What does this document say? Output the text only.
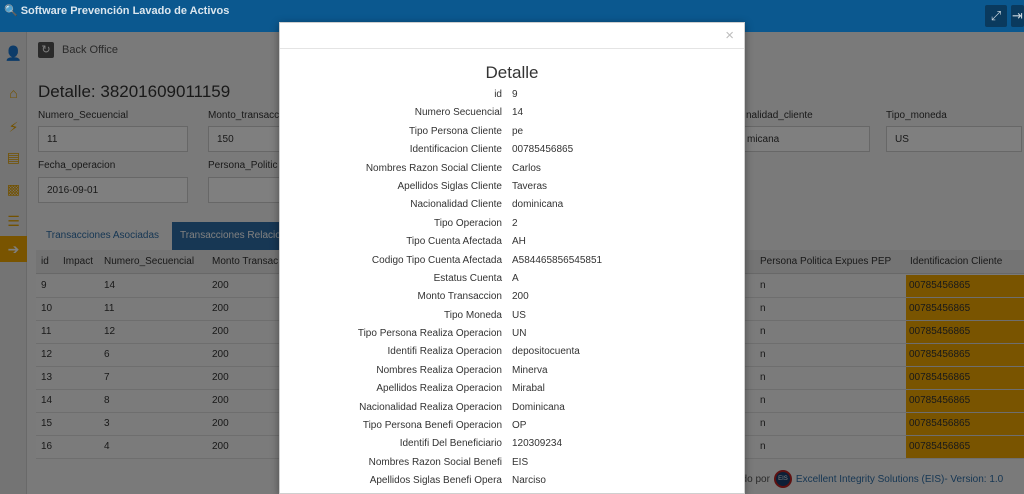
🔍 Software Prevención Lavado de Activos	⤢ ⇥
×
Detalle
id 9
Numero Secuencial 14
Tipo Persona Cliente pe
Identificacion Cliente 00785456865
Nombres Razon Social Cliente Carlos
Apellidos Siglas Cliente Taveras
Nacionalidad Cliente dominicana
Tipo Operacion 2
Tipo Cuenta Afectada AH
Codigo Tipo Cuenta Afectada A584465856545851
Estatus Cuenta A
Monto Transaccion 200
Tipo Moneda US
Tipo Persona Realiza Operacion UN
Identifi Realiza Operacion depositocuenta
Nombres Realiza Operacion Minerva
Apellidos Realiza Operacion Mirabal
Nacionalidad Realiza Operacion Dominicana
Tipo Persona Benefi Operacion OP
Identifi Del Beneficiario 120309234
Nombres Razon Social Benefi EIS
Apellidos Siglas Benefi Opera Narciso
